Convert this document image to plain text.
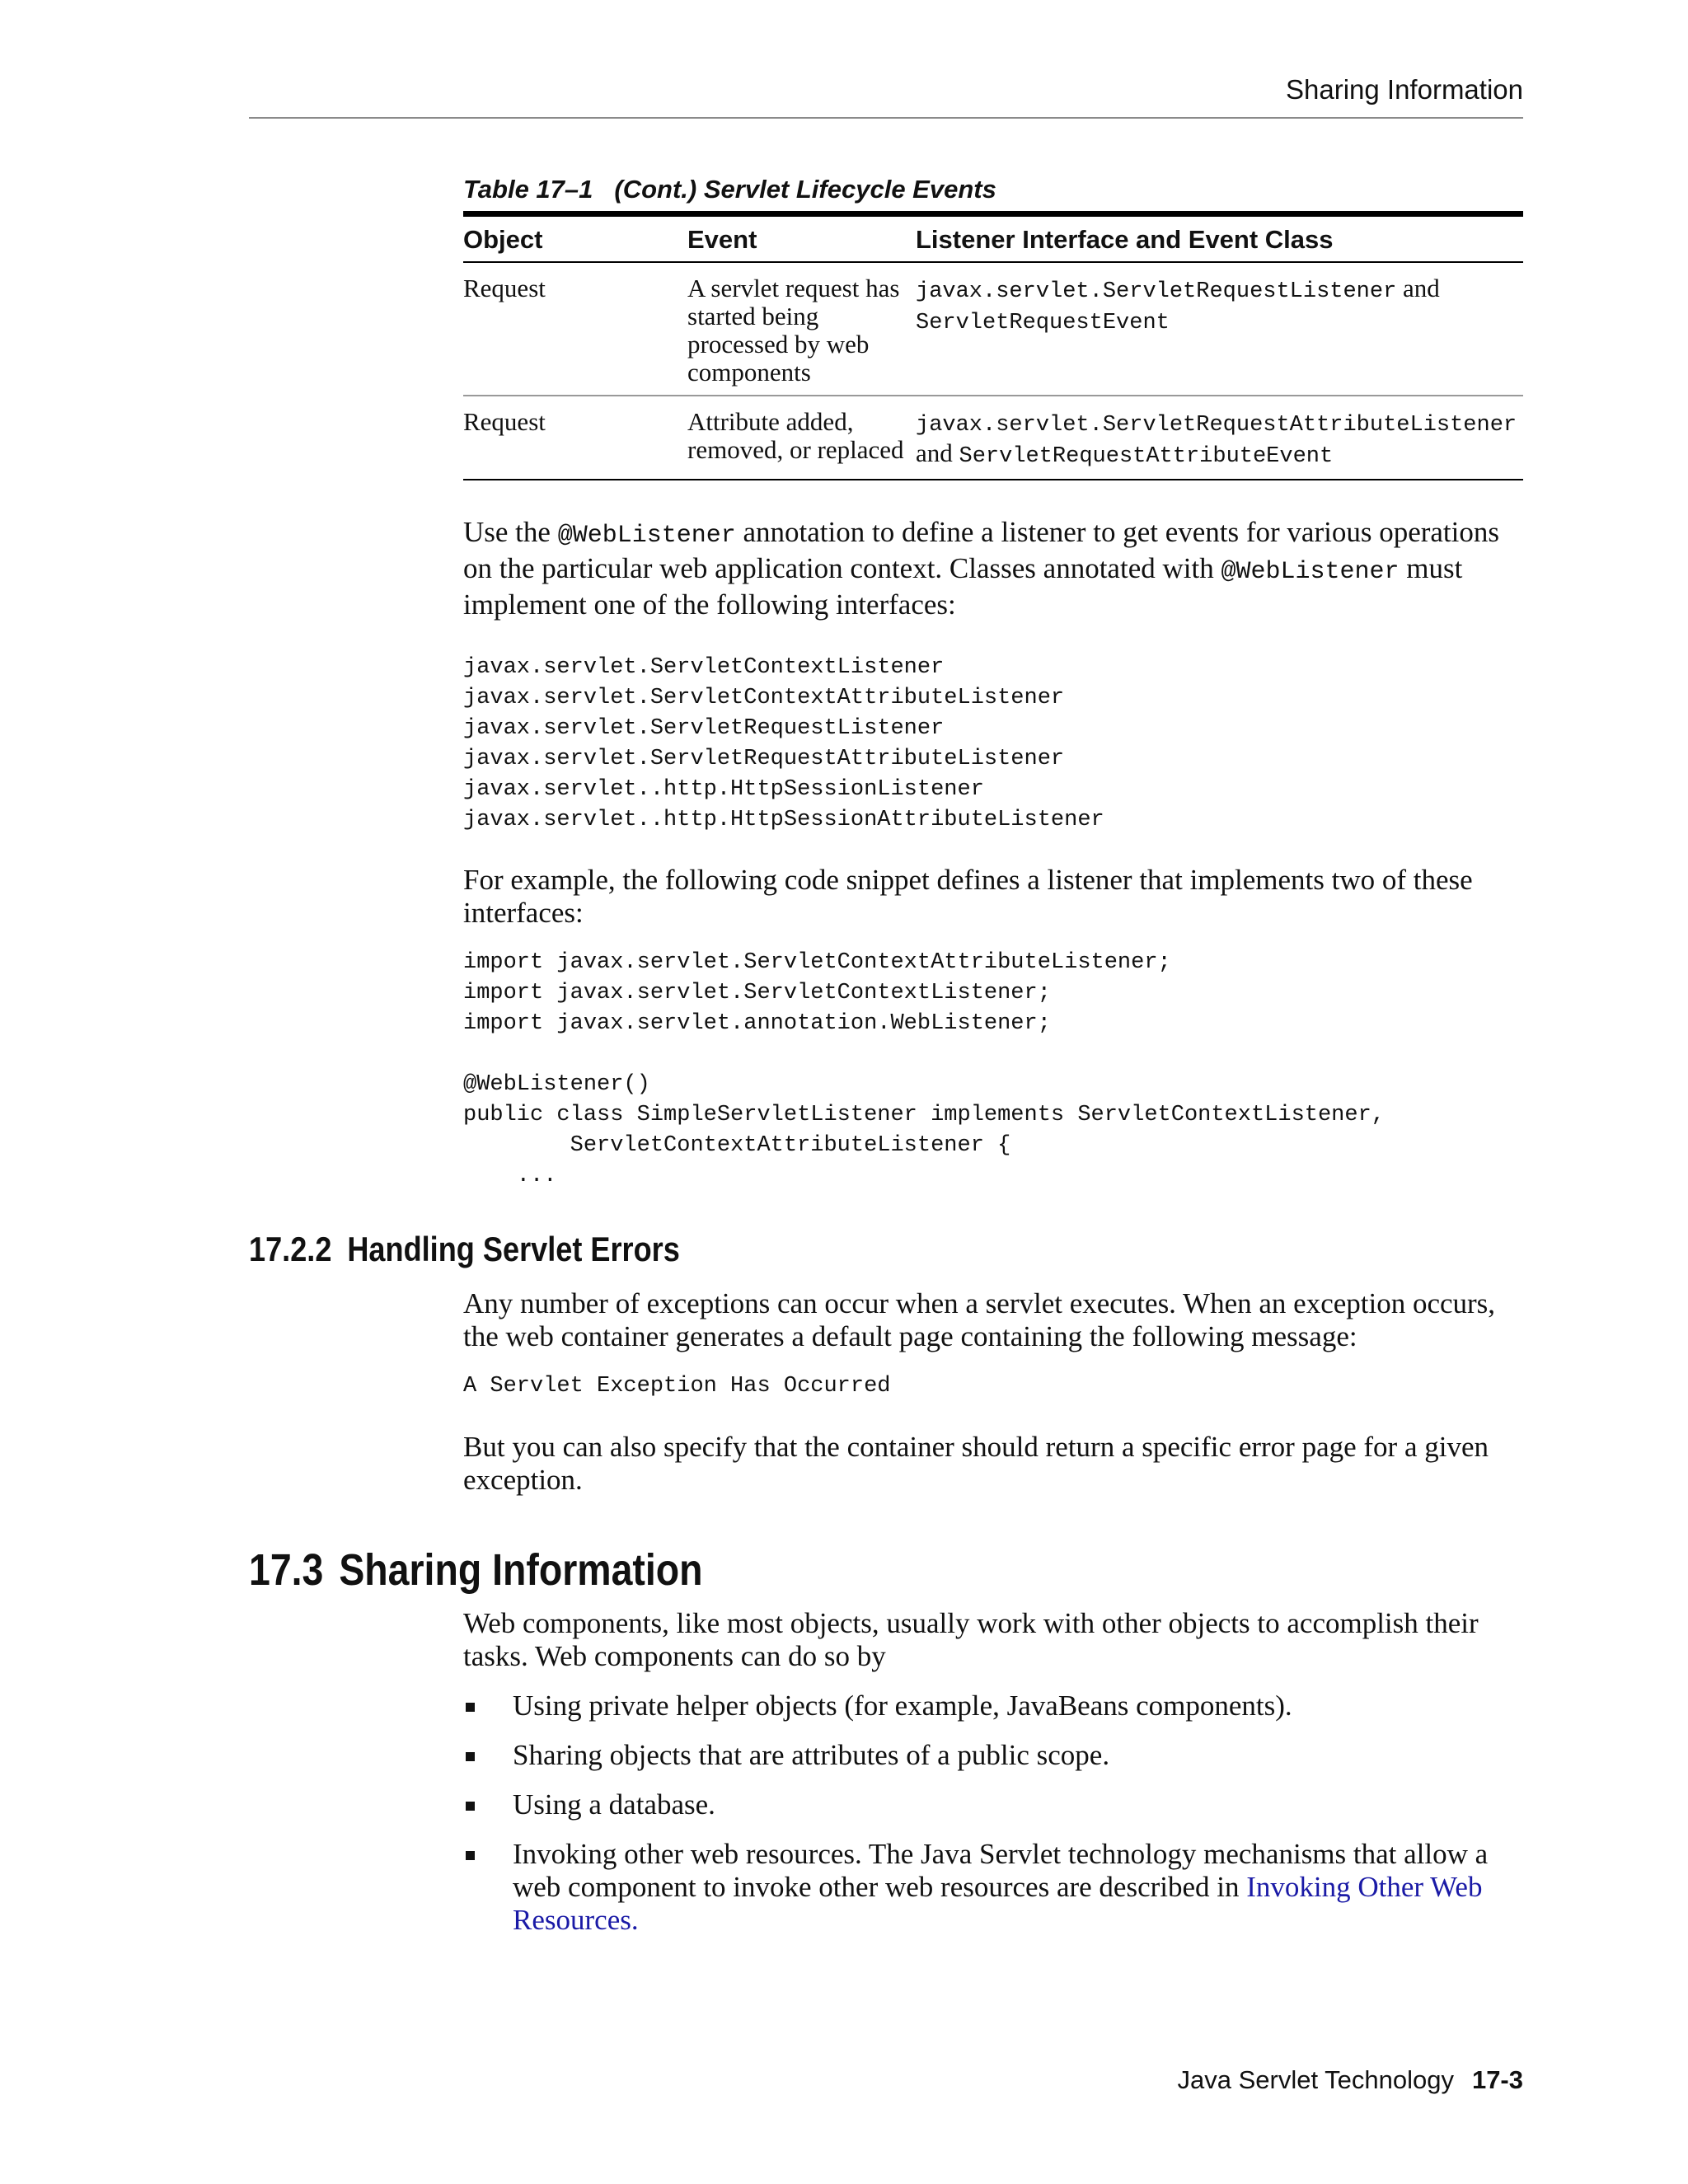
Sharing Information
Table 17–1 (Cont.) Servlet Lifecycle Events
Object	Event	Listener Interface and Event Class
Request	A servlet request has started being processed by web components	javax.servlet.ServletRequestListener and
ServletRequestEvent
Request	Attribute added, removed, or replaced	javax.servlet.ServletRequestAttributeListener
and ServletRequestAttributeEvent

Use the @WebListener annotation to define a listener to get events for various operations on the particular web application context. Classes annotated with @WebListener must implement one of the following interfaces:

javax.servlet.ServletContextListener
javax.servlet.ServletContextAttributeListener
javax.servlet.ServletRequestListener
javax.servlet.ServletRequestAttributeListener
javax.servlet..http.HttpSessionListener
javax.servlet..http.HttpSessionAttributeListener

For example, the following code snippet defines a listener that implements two of these interfaces:

import javax.servlet.ServletContextAttributeListener;
import javax.servlet.ServletContextListener;
import javax.servlet.annotation.WebListener;

@WebListener()
public class SimpleServletListener implements ServletContextListener,
ServletContextAttributeListener {
...
17.2.2 Handling Servlet Errors

Any number of exceptions can occur when a servlet executes. When an exception occurs, the web container generates a default page containing the following message:

A Servlet Exception Has Occurred

But you can also specify that the container should return a specific error page for a given exception.

17.3 Sharing Information

Web components, like most objects, usually work with other objects to accomplish their tasks. Web components can do so by

Using private helper objects (for example, JavaBeans components).
Sharing objects that are attributes of a public scope.
Using a database.
Invoking other web resources. The Java Servlet technology mechanisms that allow a web component to invoke other web resources are described in Invoking Other Web Resources.
Java Servlet Technology 17-3
